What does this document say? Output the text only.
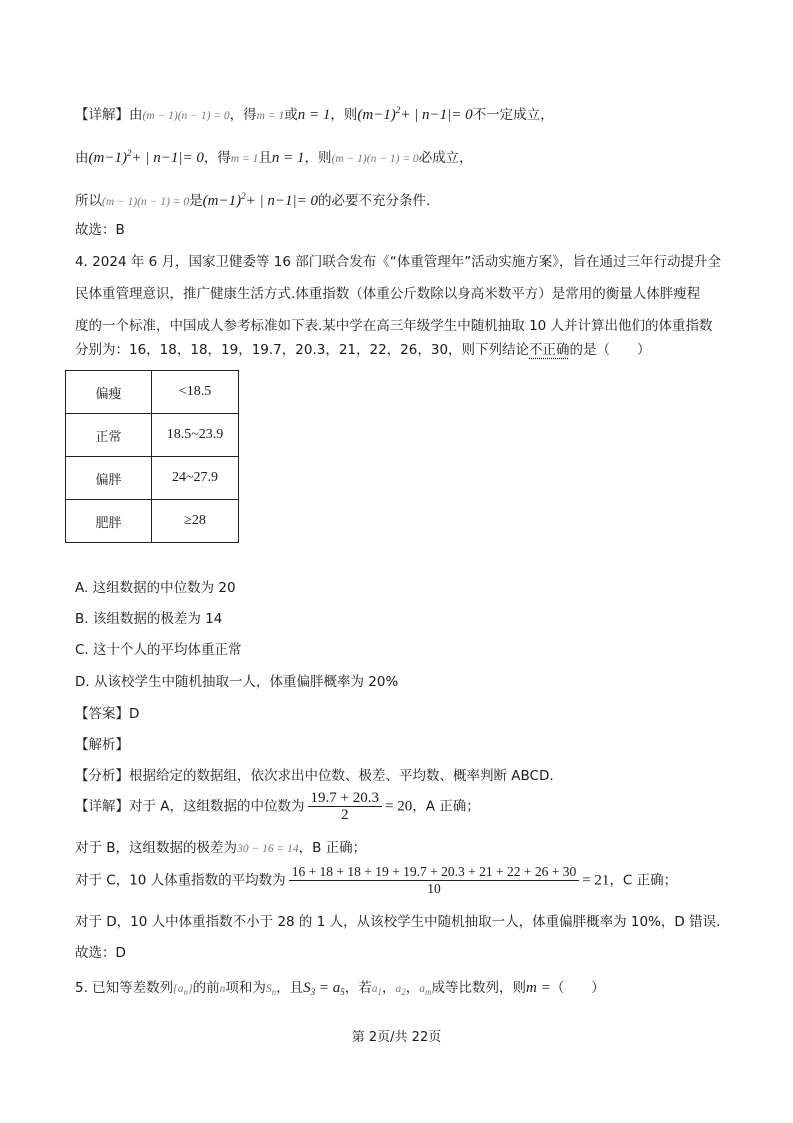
【详解】由(m − 1)(n − 1) = 0，得m = 1或n = 1，则$(m-1)^2+$ | n−1|= 0不一定成立，
由$(m-1)^2+$ | n−1|= 0，得m = 1且n = 1，则(m − 1)(n − 1) = 0必成立，
所以(m − 1)(n − 1) = 0是$(m-1)^2+$ | n−1|= 0的必要不充分条件.
故选：B
4. 2024 年 6 月，国家卫健委等 16 部门联合发布《“体重管理年”活动实施方案》，旨在通过三年行动提升全
民体重管理意识，推广健康生活方式.体重指数（体重公斤数除以身高米数平方）是常用的衡量人体胖瘦程
度的一个标准，中国成人参考标准如下表.某中学在高三年级学生中随机抽取 10 人并计算出他们的体重指数
分别为：16，18，18，19，19.7，20.3，21，22，26，30，则下列结论不正确的是（　　）
偏瘦	<18.5
正常	18.5~23.9
偏胖	24~27.9
肥胖	≥28
A. 这组数据的中位数为 20
B. 该组数据的极差为 14
C. 这十个人的平均体重正常
D. 从该校学生中随机抽取一人，体重偏胖概率为 20%
【答案】D
【解析】
【分析】根据给定的数据组，依次求出中位数、极差、平均数、概率判断 ABCD.
【详解】对于 A，这组数据的中位数为 $\frac{19.7 + 20.3}{2} = 20$，A 正确；
对于 B，这组数据的极差为30 − 16 = 14，B 正确；
对于 C，10 人体重指数的平均数为 $\frac{16 + 18 + 18 + 19 + 19.7 + 20.3 + 21 + 22 + 26 + 30}{10} = 21$，C 正确；
对于 D，10 人中体重指数不小于 28 的 1 人，从该校学生中随机抽取一人，体重偏胖概率为 10%，D 错误.
故选：D
5. 已知等差数列$\{a_n\}$的前n项和为$S_n$，且$S_3 = a_5$，若$a_1$，$a_2$，$a_m$成等比数列，则m =（　　）
第 2页/共 22页
